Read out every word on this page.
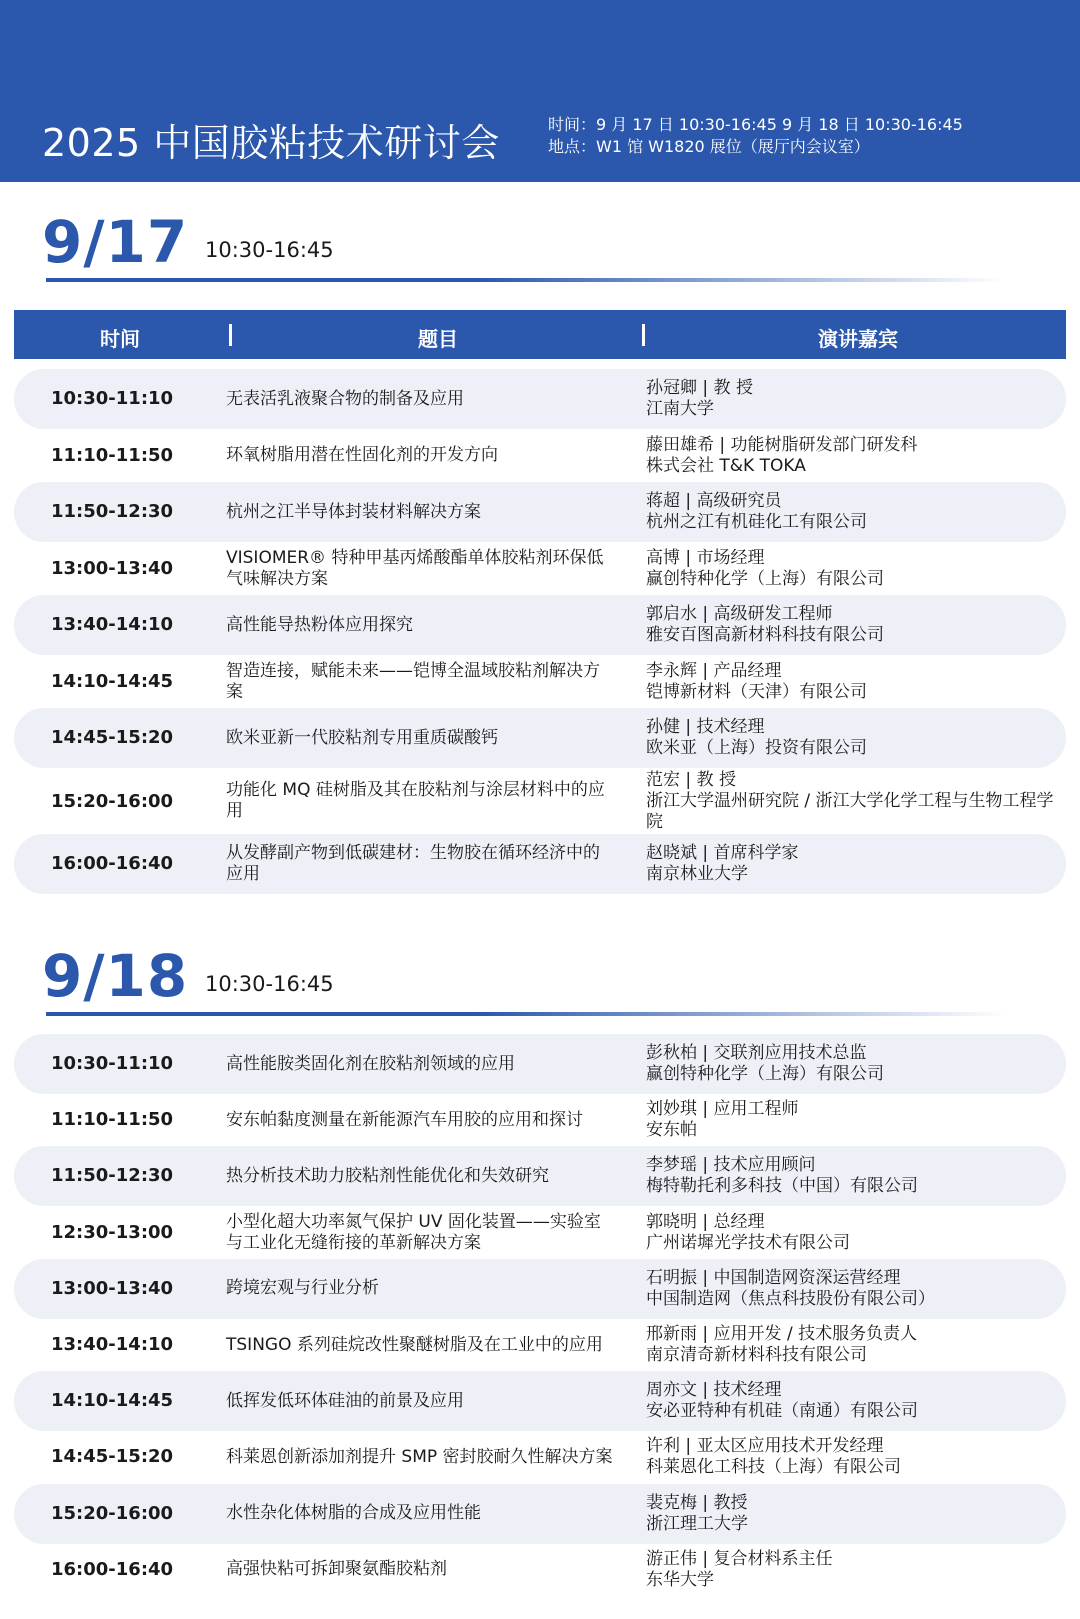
2025 中国胶粘技术研讨会	时间：9 月 17 日 10:30-16:45 9 月 18 日 10:30-16:45
地点：W1 馆 W1820 展位（展厅内会议室）
9/17 10:30-16:45
时间	题目	演讲嘉宾
10:30-11:10	无表活乳液聚合物的制备及应用
孙冠卿 | 教 授
江南大学
11:10-11:50	环氧树脂用潜在性固化剂的开发方向
藤田雄希 | 功能树脂研发部门研发科
株式会社 T&K TOKA
11:50-12:30	杭州之江半导体封装材料解决方案
蒋超 | 高级研究员
杭州之江有机硅化工有限公司
13:00-13:40	VISIOMER® 特种甲基丙烯酸酯单体胶粘剂环保低气味解决方案
高博 | 市场经理
赢创特种化学（上海）有限公司
13:40-14:10	高性能导热粉体应用探究
郭启水 | 高级研发工程师
雅安百图高新材料科技有限公司
14:10-14:45	智造连接，赋能未来——铠博全温域胶粘剂解决方案
李永辉 | 产品经理
铠博新材料（天津）有限公司
14:45-15:20	欧米亚新一代胶粘剂专用重质碳酸钙
孙健 | 技术经理
欧米亚（上海）投资有限公司
15:20-16:00
功能化 MQ 硅树脂及其在胶粘剂与涂层材料中的应用
范宏 | 教 授
浙江大学温州研究院 / 浙江大学化学工程与生物工程学院
16:00-16:40	从发酵副产物到低碳建材：生物胶在循环经济中的应用
赵晓斌 | 首席科学家
南京林业大学
9/18 10:30-16:45
10:30-11:10	高性能胺类固化剂在胶粘剂领域的应用
彭秋柏 | 交联剂应用技术总监
赢创特种化学（上海）有限公司
11:10-11:50	安东帕黏度测量在新能源汽车用胶的应用和探讨
刘妙琪 | 应用工程师
安东帕
11:50-12:30	热分析技术助力胶粘剂性能优化和失效研究
李梦瑶 | 技术应用顾问
梅特勒托利多科技（中国）有限公司
12:30-13:00	小型化超大功率氮气保护 UV 固化装置——实验室与工业化无缝衔接的革新解决方案
郭晓明 | 总经理
广州诺墀光学技术有限公司
13:00-13:40	跨境宏观与行业分析
石明振 | 中国制造网资深运营经理
中国制造网（焦点科技股份有限公司）
13:40-14:10	TSINGO 系列硅烷改性聚醚树脂及在工业中的应用
邢新雨 | 应用开发 / 技术服务负责人
南京清奇新材料科技有限公司
14:10-14:45	低挥发低环体硅油的前景及应用
周亦文 | 技术经理
安必亚特种有机硅（南通）有限公司
14:45-15:20	科莱恩创新添加剂提升 SMP 密封胶耐久性解决方案
许利 | 亚太区应用技术开发经理
科莱恩化工科技（上海）有限公司
15:20-16:00	水性杂化体树脂的合成及应用性能
裴克梅 | 教授
浙江理工大学
16:00-16:40	高强快粘可拆卸聚氨酯胶粘剂
游正伟 | 复合材料系主任
东华大学
